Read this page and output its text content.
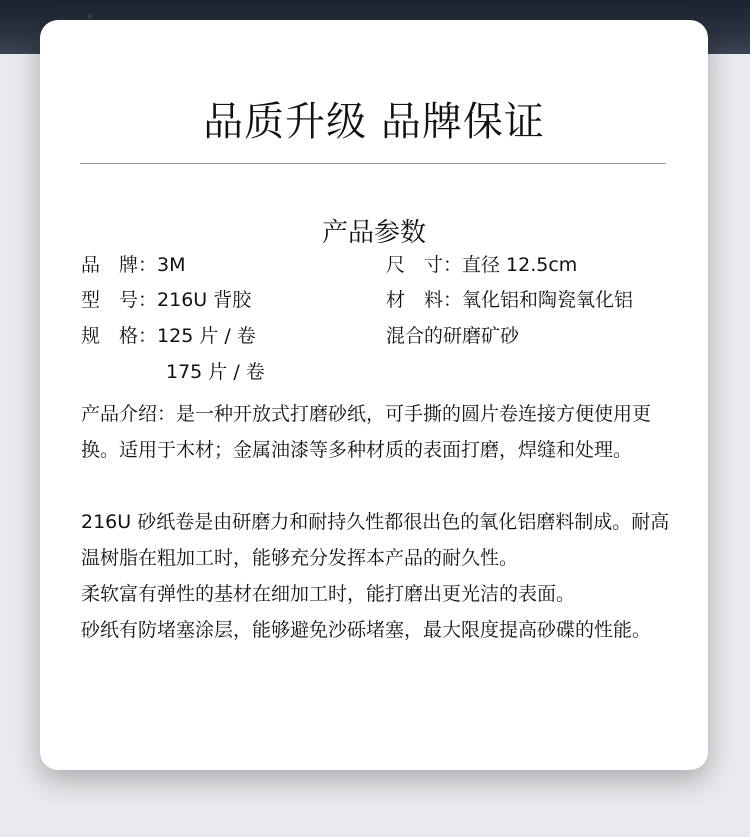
品质升级 品牌保证
产品参数
品　牌：3M
型　号：216U 背胶
规　格：125 片 / 卷
175 片 / 卷
尺　寸：直径 12.5cm
材　料：氧化铝和陶瓷氧化铝
混合的研磨矿砂
产品介绍：是一种开放式打磨砂纸，可手撕的圆片卷连接方便使用更换。适用于木材；金属油漆等多种材质的表面打磨，焊缝和处理。
216U 砂纸卷是由研磨力和耐持久性都很出色的氧化铝磨料制成。耐高温树脂在粗加工时，能够充分发挥本产品的耐久性。
柔软富有弹性的基材在细加工时，能打磨出更光洁的表面。
砂纸有防堵塞涂层，能够避免沙砾堵塞，最大限度提高砂碟的性能。
